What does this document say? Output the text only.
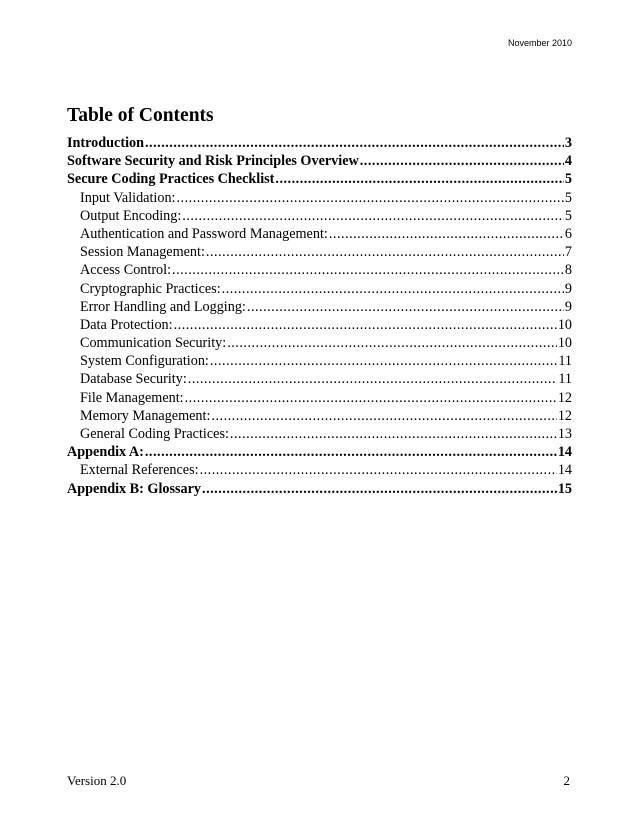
November 2010
Table of Contents
Introduction .....	3
Software Security and Risk Principles Overview .....	4
Secure Coding Practices Checklist .....	5
Input Validation: .....	5
Output Encoding: .....	5
Authentication and Password Management: .....	6
Session Management: .....	7
Access Control: .....	8
Cryptographic Practices: .....	9
Error Handling and Logging: .....	9
Data Protection: .....	10
Communication Security: .....	10
System Configuration: .....	11
Database Security: .....	11
File Management: .....	12
Memory Management: .....	12
General Coding Practices: .....	13
Appendix A: .....	14
External References: .....	14
Appendix B: Glossary .....	15
Version 2.0	2
